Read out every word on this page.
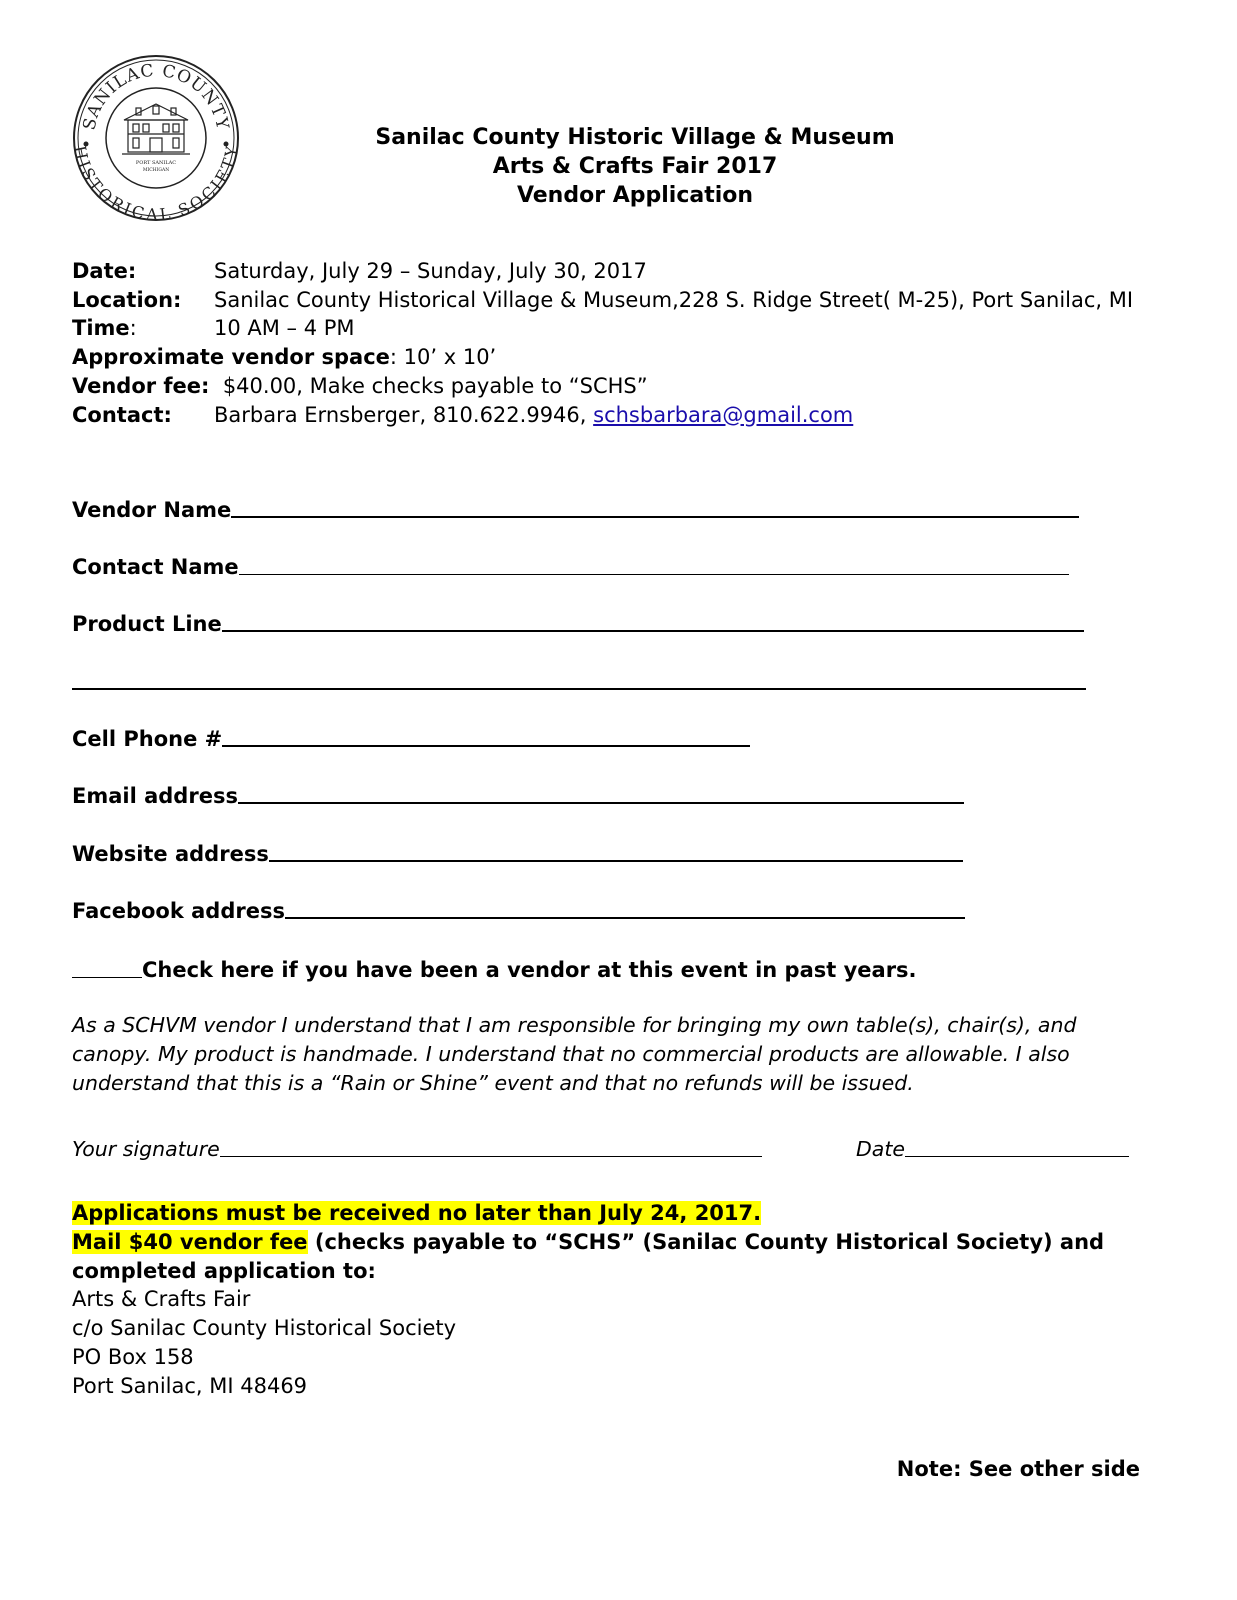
SANILAC COUNTY
HISTORICAL SOCIETY
PORT SANILAC
MICHIGAN
Sanilac County Historic Village & Museum
Arts & Crafts Fair 2017
Vendor Application
Date:	Saturday, July 29 – Sunday, July 30, 2017
Location: Sanilac County Historical Village & Museum,228 S. Ridge Street( M-25), Port Sanilac, MI
Time:	10 AM – 4 PM
Approximate vendor space: 10’ x 10’
Vendor fee: $40.00, Make checks payable to “SCHS”
Contact: Barbara Ernsberger, 810.622.9946, schsbarbara@gmail.com
Vendor Name
Contact Name
Product Line
Cell Phone #
Email address
Website address
Facebook address
Check here if you have been a vendor at this event in past years.
As a SCHVM vendor I understand that I am responsible for bringing my own table(s), chair(s), and canopy. My product is handmade. I understand that no commercial products are allowable. I also understand that this is a “Rain or Shine” event and that no refunds will be issued.
Your signature	Date
Applications must be received no later than July 24, 2017.
Mail $40 vendor fee (checks payable to “SCHS” (Sanilac County Historical Society) and completed application to:
Arts & Crafts Fair
c/o Sanilac County Historical Society
PO Box 158
Port Sanilac, MI 48469
Note: See other side
